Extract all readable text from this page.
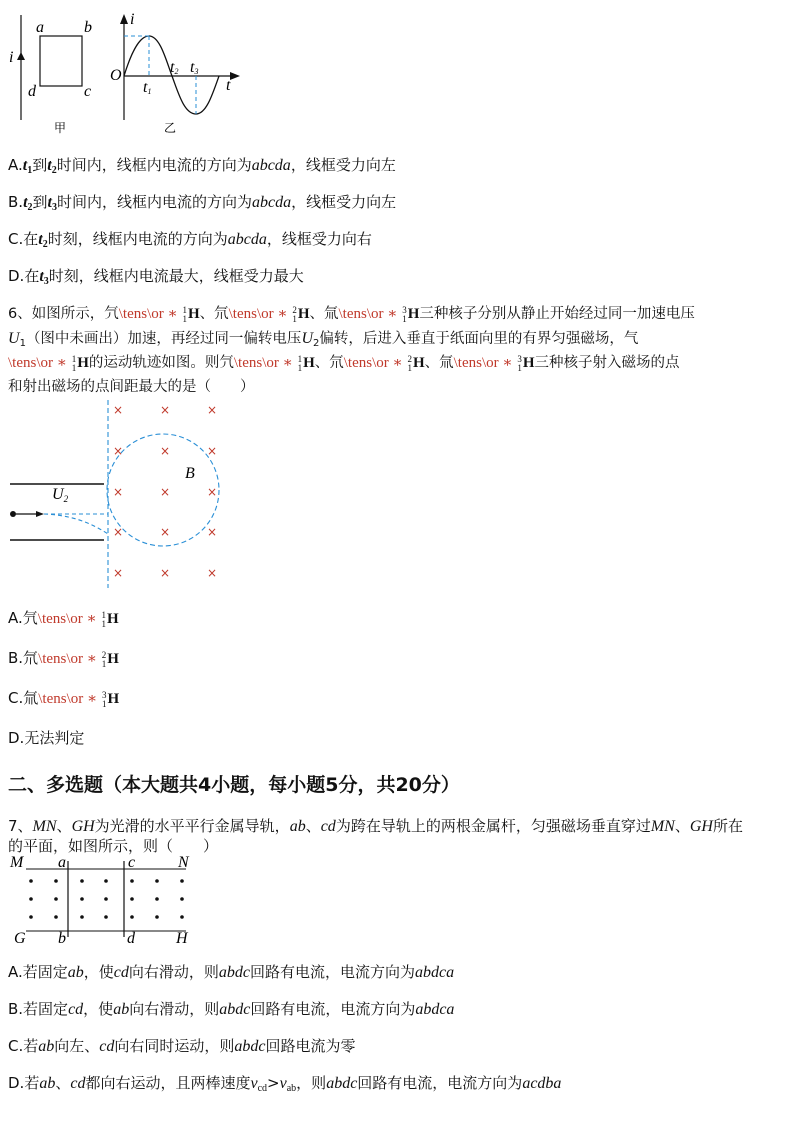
i
a	b
c
d
甲
i
t
O
t1
t2 t3
乙
A.t1到t2时间内，线框内电流的方向为abcda，线框受力向左
B.t2到t3时间内，线框内电流的方向为abcda，线框受力向左
C.在t2时刻，线框内电流的方向为abcda，线框受力向右
D.在t3时刻，线框内电流最大，线框受力最大
6、如图所示，氕\tens\or ∗ 1
1 H、氘\tens\or ∗ 2
1 H、氚\tens\or ∗ 3
1 H三种核子分别从静止开始经过同一加速电压
$U_1$（图中未画出）加速，再经过同一偏转电压$U_2$偏转，后进入垂直于纸面向里的有界匀强磁场，气
\tens\or ∗ 1
1 H的运动轨迹如图。则氕\tens\or ∗ 1
1 H、氘\tens\or ∗ 2
1 H、氚\tens\or ∗ 3
1 H三种核子射入磁场的点
和射出磁场的点间距最大的是（　　）
×
×
×
×
×
×
×
×
×
×
×
×
×
×
×
U2
B
A.氕\tens\or ∗ 1
1 H
B.氘\tens\or ∗ 2
1 H
C.氚\tens\or ∗ 3
1 H
D.无法判定
二、多选题（本大题共4小题，每小题5分，共20分）
7、MN、GH为光滑的水平平行金属导轨，ab、cd为跨在导轨上的两根金属杆，匀强磁场垂直穿过MN、GH所在
的平面，如图所示，则（　　）
M	N
G	H
a
b
c
d
A.若固定ab，使cd向右滑动，则abdc回路有电流，电流方向为abdca
B.若固定cd，使ab向右滑动，则abdc回路有电流，电流方向为abdca
C.若ab向左、cd向右同时运动，则abdc回路电流为零
D.若ab、cd都向右运动，且两棒速度$v_{cd}>v_{ab}$，则abdc回路有电流，电流方向为acdba
